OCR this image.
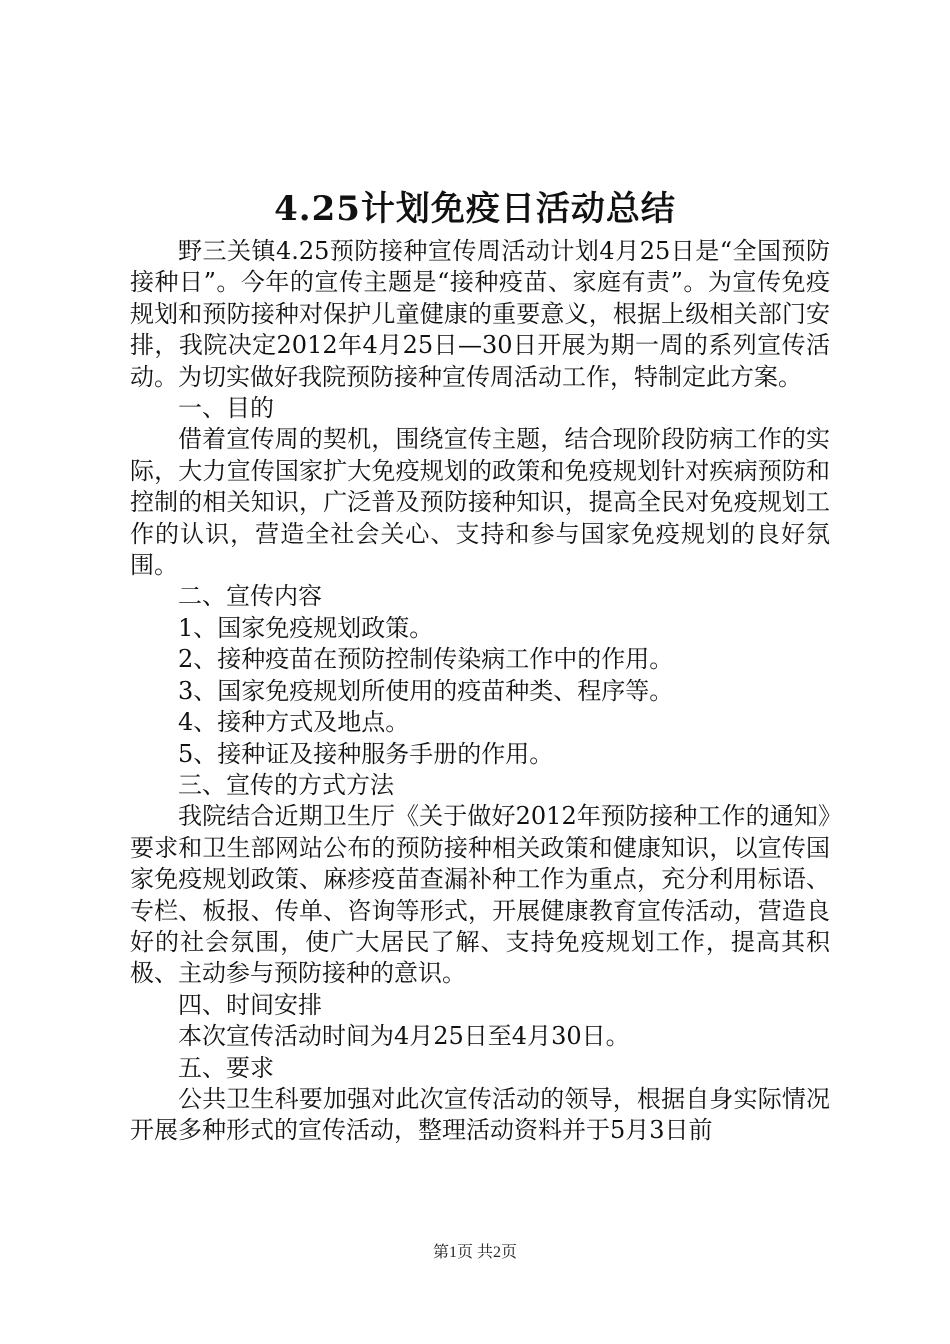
4.25计划免疫日活动总结

野三关镇4.25预防接种宣传周活动计划4月25日是“全国预防接种日”。今年的宣传主题是“接种疫苗、家庭有责”。为宣传免疫规划和预防接种对保护儿童健康的重要意义，根据上级相关部门安排，我院决定2012年4月25日—30日开展为期一周的系列宣传活动。为切实做好我院预防接种宣传周活动工作，特制定此方案。

一、目的

借着宣传周的契机，围绕宣传主题，结合现阶段防病工作的实际，大力宣传国家扩大免疫规划的政策和免疫规划针对疾病预防和控制的相关知识，广泛普及预防接种知识，提高全民对免疫规划工作的认识，营造全社会关心、支持和参与国家免疫规划的良好氛围。

二、宣传内容

1、国家免疫规划政策。

2、接种疫苗在预防控制传染病工作中的作用。

3、国家免疫规划所使用的疫苗种类、程序等。

4、接种方式及地点。

5、接种证及接种服务手册的作用。

三、宣传的方式方法

我院结合近期卫生厅《关于做好2012年预防接种工作的通知》要求和卫生部网站公布的预防接种相关政策和健康知识，以宣传国家免疫规划政策、麻疹疫苗查漏补种工作为重点，充分利用标语、专栏、板报、传单、咨询等形式，开展健康教育宣传活动，营造良好的社会氛围，使广大居民了解、支持免疫规划工作，提高其积极、主动参与预防接种的意识。

四、时间安排

本次宣传活动时间为4月25日至4月30日。

五、要求

公共卫生科要加强对此次宣传活动的领导，根据自身实际情况开展多种形式的宣传活动，整理活动资料并于5月3日前

第1页 共2页
